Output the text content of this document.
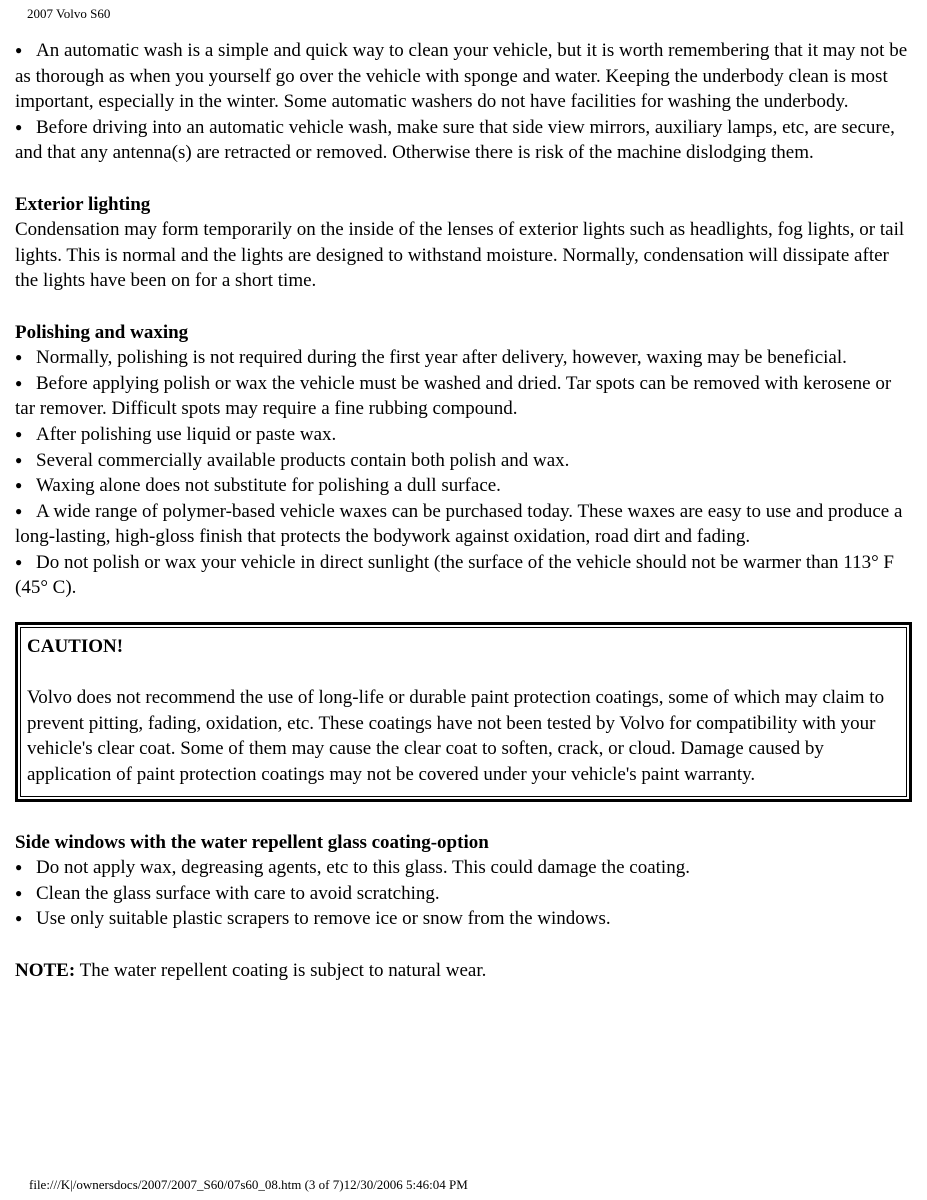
2007 Volvo S60

● An automatic wash is a simple and quick way to clean your vehicle, but it is worth remembering that it may not be as thorough as when you yourself go over the vehicle with sponge and water. Keeping the underbody clean is most important, especially in the winter. Some automatic washers do not have facilities for washing the underbody.

● Before driving into an automatic vehicle wash, make sure that side view mirrors, auxiliary lamps, etc, are secure, and that any antenna(s) are retracted or removed. Otherwise there is risk of the machine dislodging them.

Exterior lighting

Condensation may form temporarily on the inside of the lenses of exterior lights such as headlights, fog lights, or tail lights. This is normal and the lights are designed to withstand moisture. Normally, condensation will dissipate after the lights have been on for a short time.

Polishing and waxing

● Normally, polishing is not required during the first year after delivery, however, waxing may be beneficial.

● Before applying polish or wax the vehicle must be washed and dried. Tar spots can be removed with kerosene or tar remover. Difficult spots may require a fine rubbing compound.

● After polishing use liquid or paste wax.

● Several commercially available products contain both polish and wax.

● Waxing alone does not substitute for polishing a dull surface.

● A wide range of polymer-based vehicle waxes can be purchased today. These waxes are easy to use and produce a long-lasting, high-gloss finish that protects the bodywork against oxidation, road dirt and fading.

● Do not polish or wax your vehicle in direct sunlight (the surface of the vehicle should not be warmer than 113° F (45° C).

CAUTION!

Volvo does not recommend the use of long-life or durable paint protection coatings, some of which may claim to prevent pitting, fading, oxidation, etc. These coatings have not been tested by Volvo for compatibility with your vehicle's clear coat. Some of them may cause the clear coat to soften, crack, or cloud. Damage caused by application of paint protection coatings may not be covered under your vehicle's paint warranty.

Side windows with the water repellent glass coating-option

● Do not apply wax, degreasing agents, etc to this glass. This could damage the coating.

● Clean the glass surface with care to avoid scratching.

● Use only suitable plastic scrapers to remove ice or snow from the windows.

NOTE: The water repellent coating is subject to natural wear.

file:///K|/ownersdocs/2007/2007_S60/07s60_08.htm (3 of 7)12/30/2006 5:46:04 PM
